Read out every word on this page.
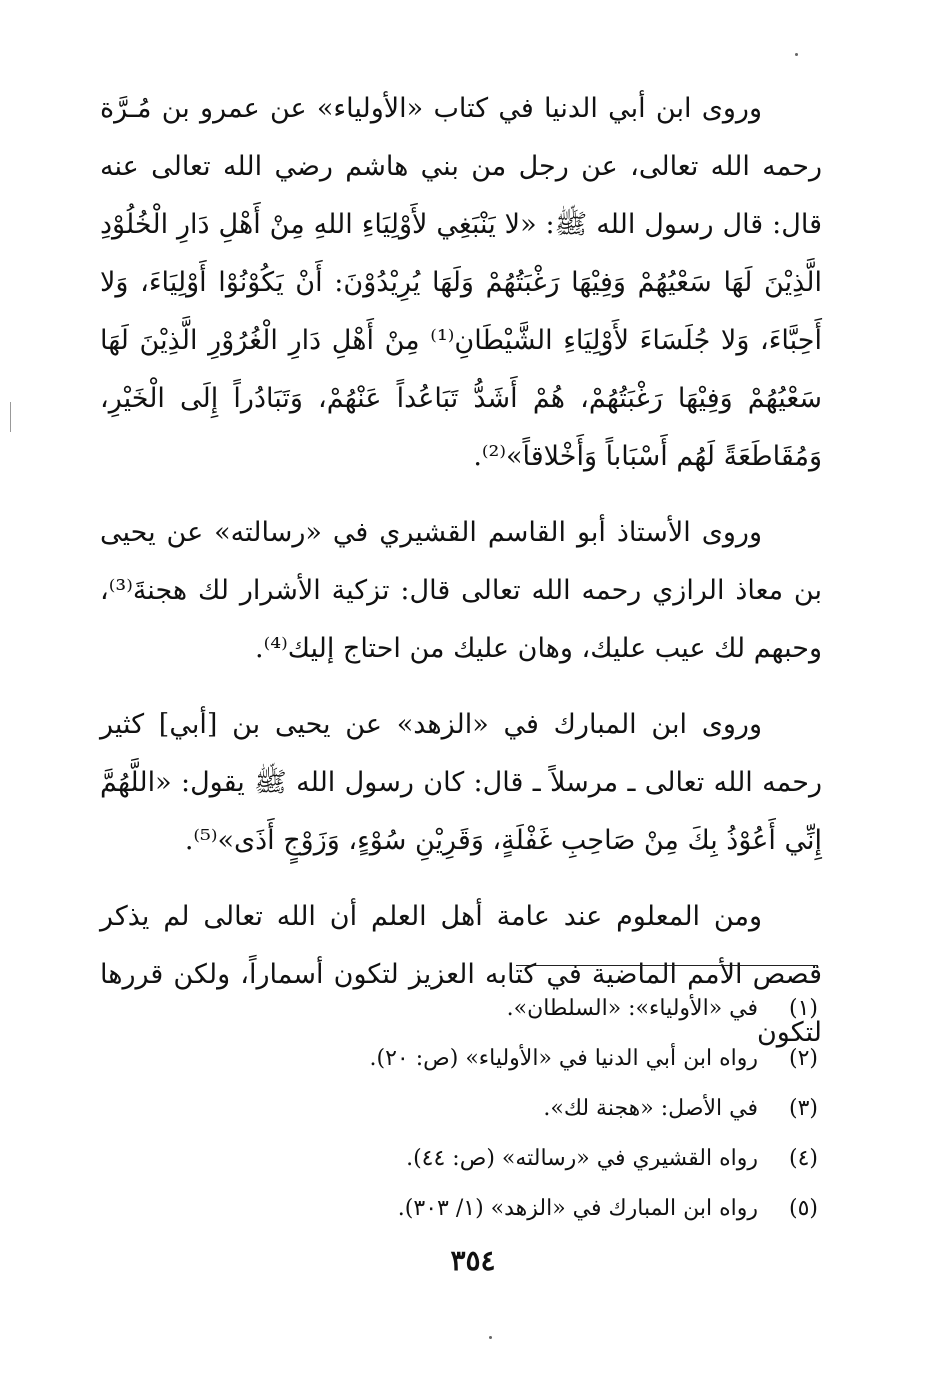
وروى ابن أبي الدنيا في كتاب «الأولياء» عن عمرو بن مُـرَّة رحمه الله تعالى، عن رجل من بني هاشم رضي الله تعالى عنه قال: قال رسول الله ﷺ: «لا يَنْبَغِي لأَوْلِيَاءِ اللهِ مِنْ أَهْلِ دَارِ الْخُلُوْدِ الَّذِيْنَ لَهَا سَعْيُهُمْ وَفِيْهَا رَغْبَتُهُمْ وَلَهَا يُرِيْدُوْنَ: أَنْ يَكُوْنُوْا أَوْلِيَاءَ، وَلا أَحِبَّاءَ، وَلا جُلَسَاءَ لأَوْلِيَاءِ الشَّيْطَانِ⁽¹⁾ مِنْ أَهْلِ دَارِ الْغُرُوْرِ الَّذِيْنَ لَهَا سَعْيُهُمْ وَفِيْهَا رَغْبَتُهُمْ، هُمْ أَشَدُّ تَبَاعُداً عَنْهُمْ، وَتَبَادُراً إِلَى الْخَيْرِ، وَمُقَاطَعَةً لَهُم أَسْبَاباً وَأَخْلاقاً»⁽²⁾.

وروى الأستاذ أبو القاسم القشيري في «رسالته» عن يحيى بن معاذ الرازي رحمه الله تعالى قال: تزكية الأشرار لك هجنةَ⁽³⁾، وحبهم لك عيب عليك، وهان عليك من احتاج إليك⁽⁴⁾.

وروى ابن المبارك في «الزهد» عن يحيى بن [أبي] كثير رحمه الله تعالى ـ مرسلاً ـ قال: كان رسول الله ﷺ يقول: «اللَّهُمَّ إِنِّي أَعُوْذُ بِكَ مِنْ صَاحِبِ غَفْلَةٍ، وَقَرِيْنِ سُوْءٍ، وَزَوْجٍ أَذَى»⁽⁵⁾.

ومن المعلوم عند عامة أهل العلم أن الله تعالى لم يذكر قصص الأمم الماضية في كتابه العزيز لتكون أسماراً، ولكن قررها لتكون

(١)في «الأولياء»: «السلطان».
(٢)رواه ابن أبي الدنيا في «الأولياء» (ص: ٢٠).
(٣)في الأصل: «هجنة لك».
(٤)رواه القشيري في «رسالته» (ص: ٤٤).
(٥)رواه ابن المبارك في «الزهد» (١/ ٣٠٣).
٣٥٤
